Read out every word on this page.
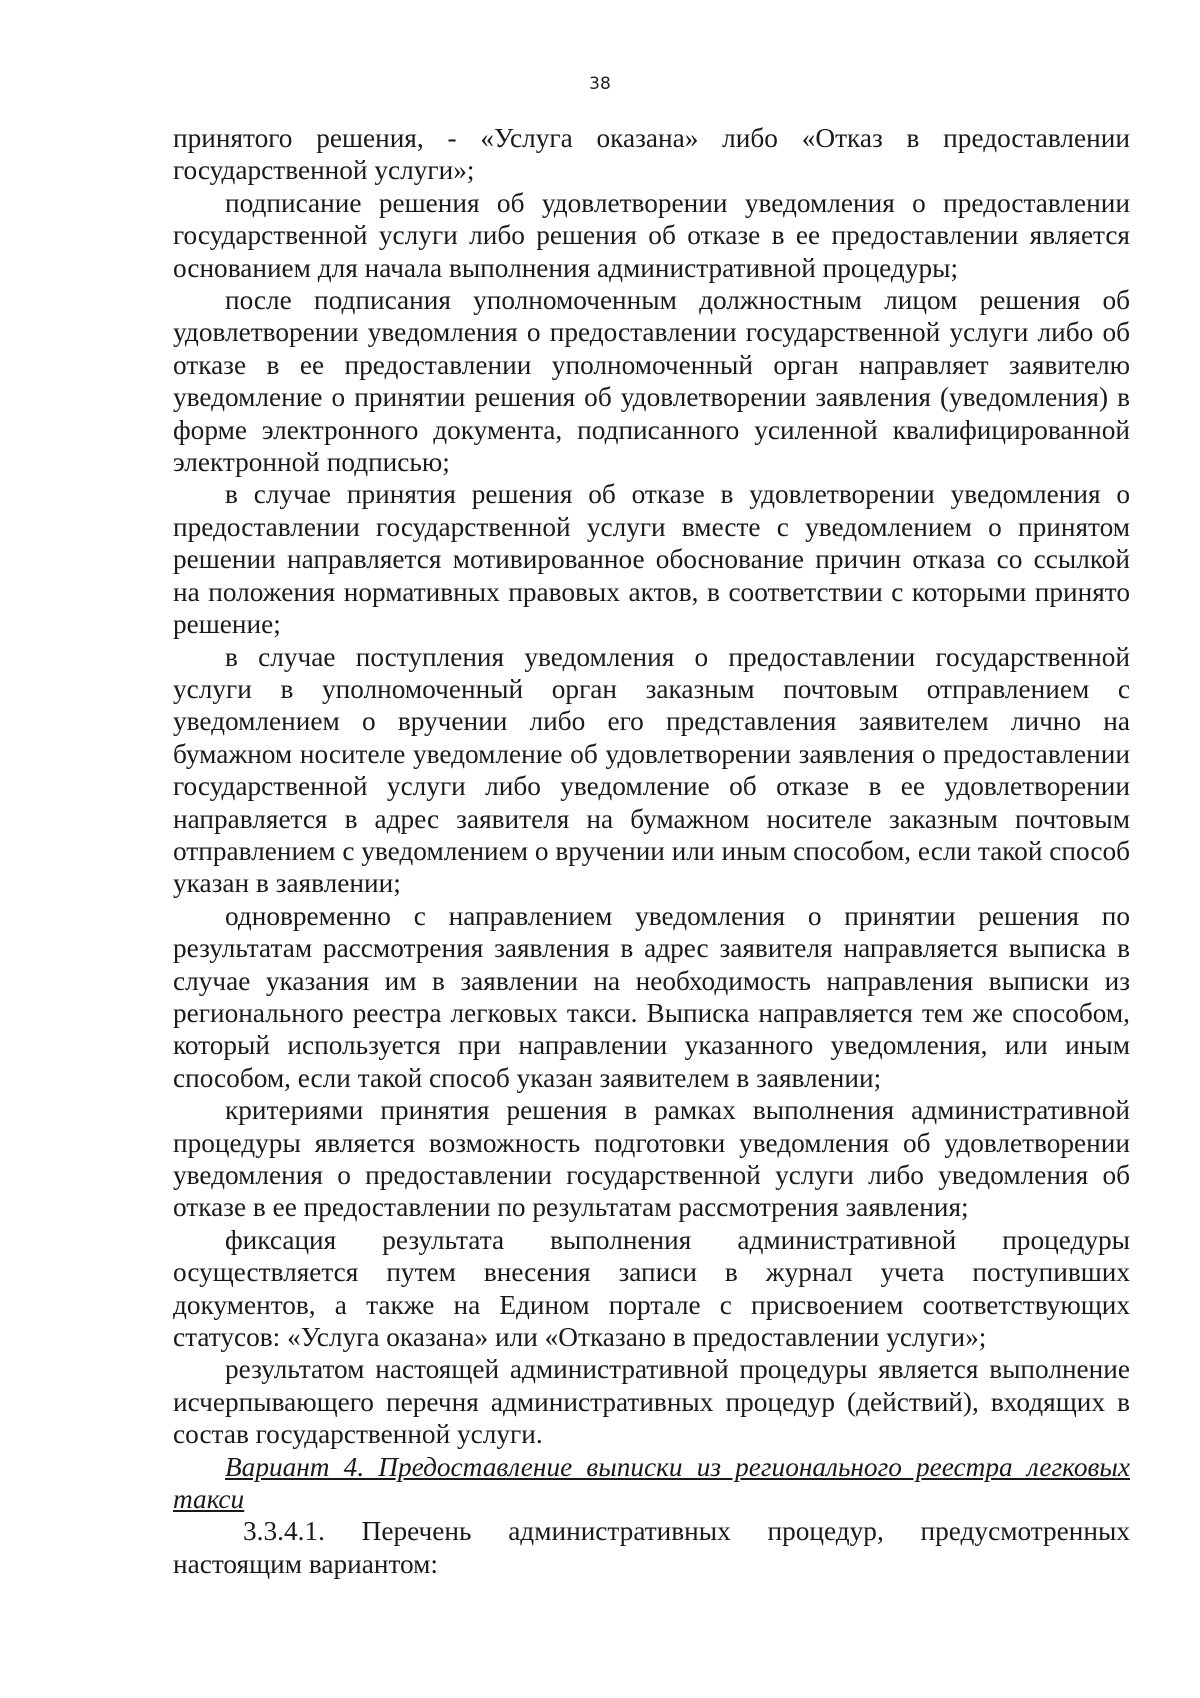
38

принятого решения, - «Услуга оказана» либо «Отказ в предоставлении государственной услуги»;

подписание решения об удовлетворении уведомления о предоставлении государственной услуги либо решения об отказе в ее предоставлении является основанием для начала выполнения административной процедуры;

после подписания уполномоченным должностным лицом решения об удовлетворении уведомления о предоставлении государственной услуги либо об отказе в ее предоставлении уполномоченный орган направляет заявителю уведомление о принятии решения об удовлетворении заявления (уведомления) в форме электронного документа, подписанного усиленной квалифицированной электронной подписью;

в случае принятия решения об отказе в удовлетворении уведомления о предоставлении государственной услуги вместе с уведомлением о принятом решении направляется мотивированное обоснование причин отказа со ссылкой на положения нормативных правовых актов, в соответствии с которыми принято решение;

в случае поступления уведомления о предоставлении государственной услуги в уполномоченный орган заказным почтовым отправлением с уведомлением о вручении либо его представления заявителем лично на бумажном носителе уведомление об удовлетворении заявления о предоставлении государственной услуги либо уведомление об отказе в ее удовлетворении направляется в адрес заявителя на бумажном носителе заказным почтовым отправлением с уведомлением о вручении или иным способом, если такой способ указан в заявлении;

одновременно с направлением уведомления о принятии решения по результатам рассмотрения заявления в адрес заявителя направляется выписка в случае указания им в заявлении на необходимость направления выписки из регионального реестра легковых такси. Выписка направляется тем же способом, который используется при направлении указанного уведомления, или иным способом, если такой способ указан заявителем в заявлении;

критериями принятия решения в рамках выполнения административной процедуры является возможность подготовки уведомления об удовлетворении уведомления о предоставлении государственной услуги либо уведомления об отказе в ее предоставлении по результатам рассмотрения заявления;

фиксация результата выполнения административной процедуры осуществляется путем внесения записи в журнал учета поступивших документов, а также на Едином портале с присвоением соответствующих статусов: «Услуга оказана» или «Отказано в предоставлении услуги»;

результатом настоящей административной процедуры является выполнение исчерпывающего перечня административных процедур (действий), входящих в состав государственной услуги.

Вариант 4. Предоставление выписки из регионального реестра легковых такси

3.3.4.1. Перечень административных процедур, предусмотренных настоящим вариантом:
